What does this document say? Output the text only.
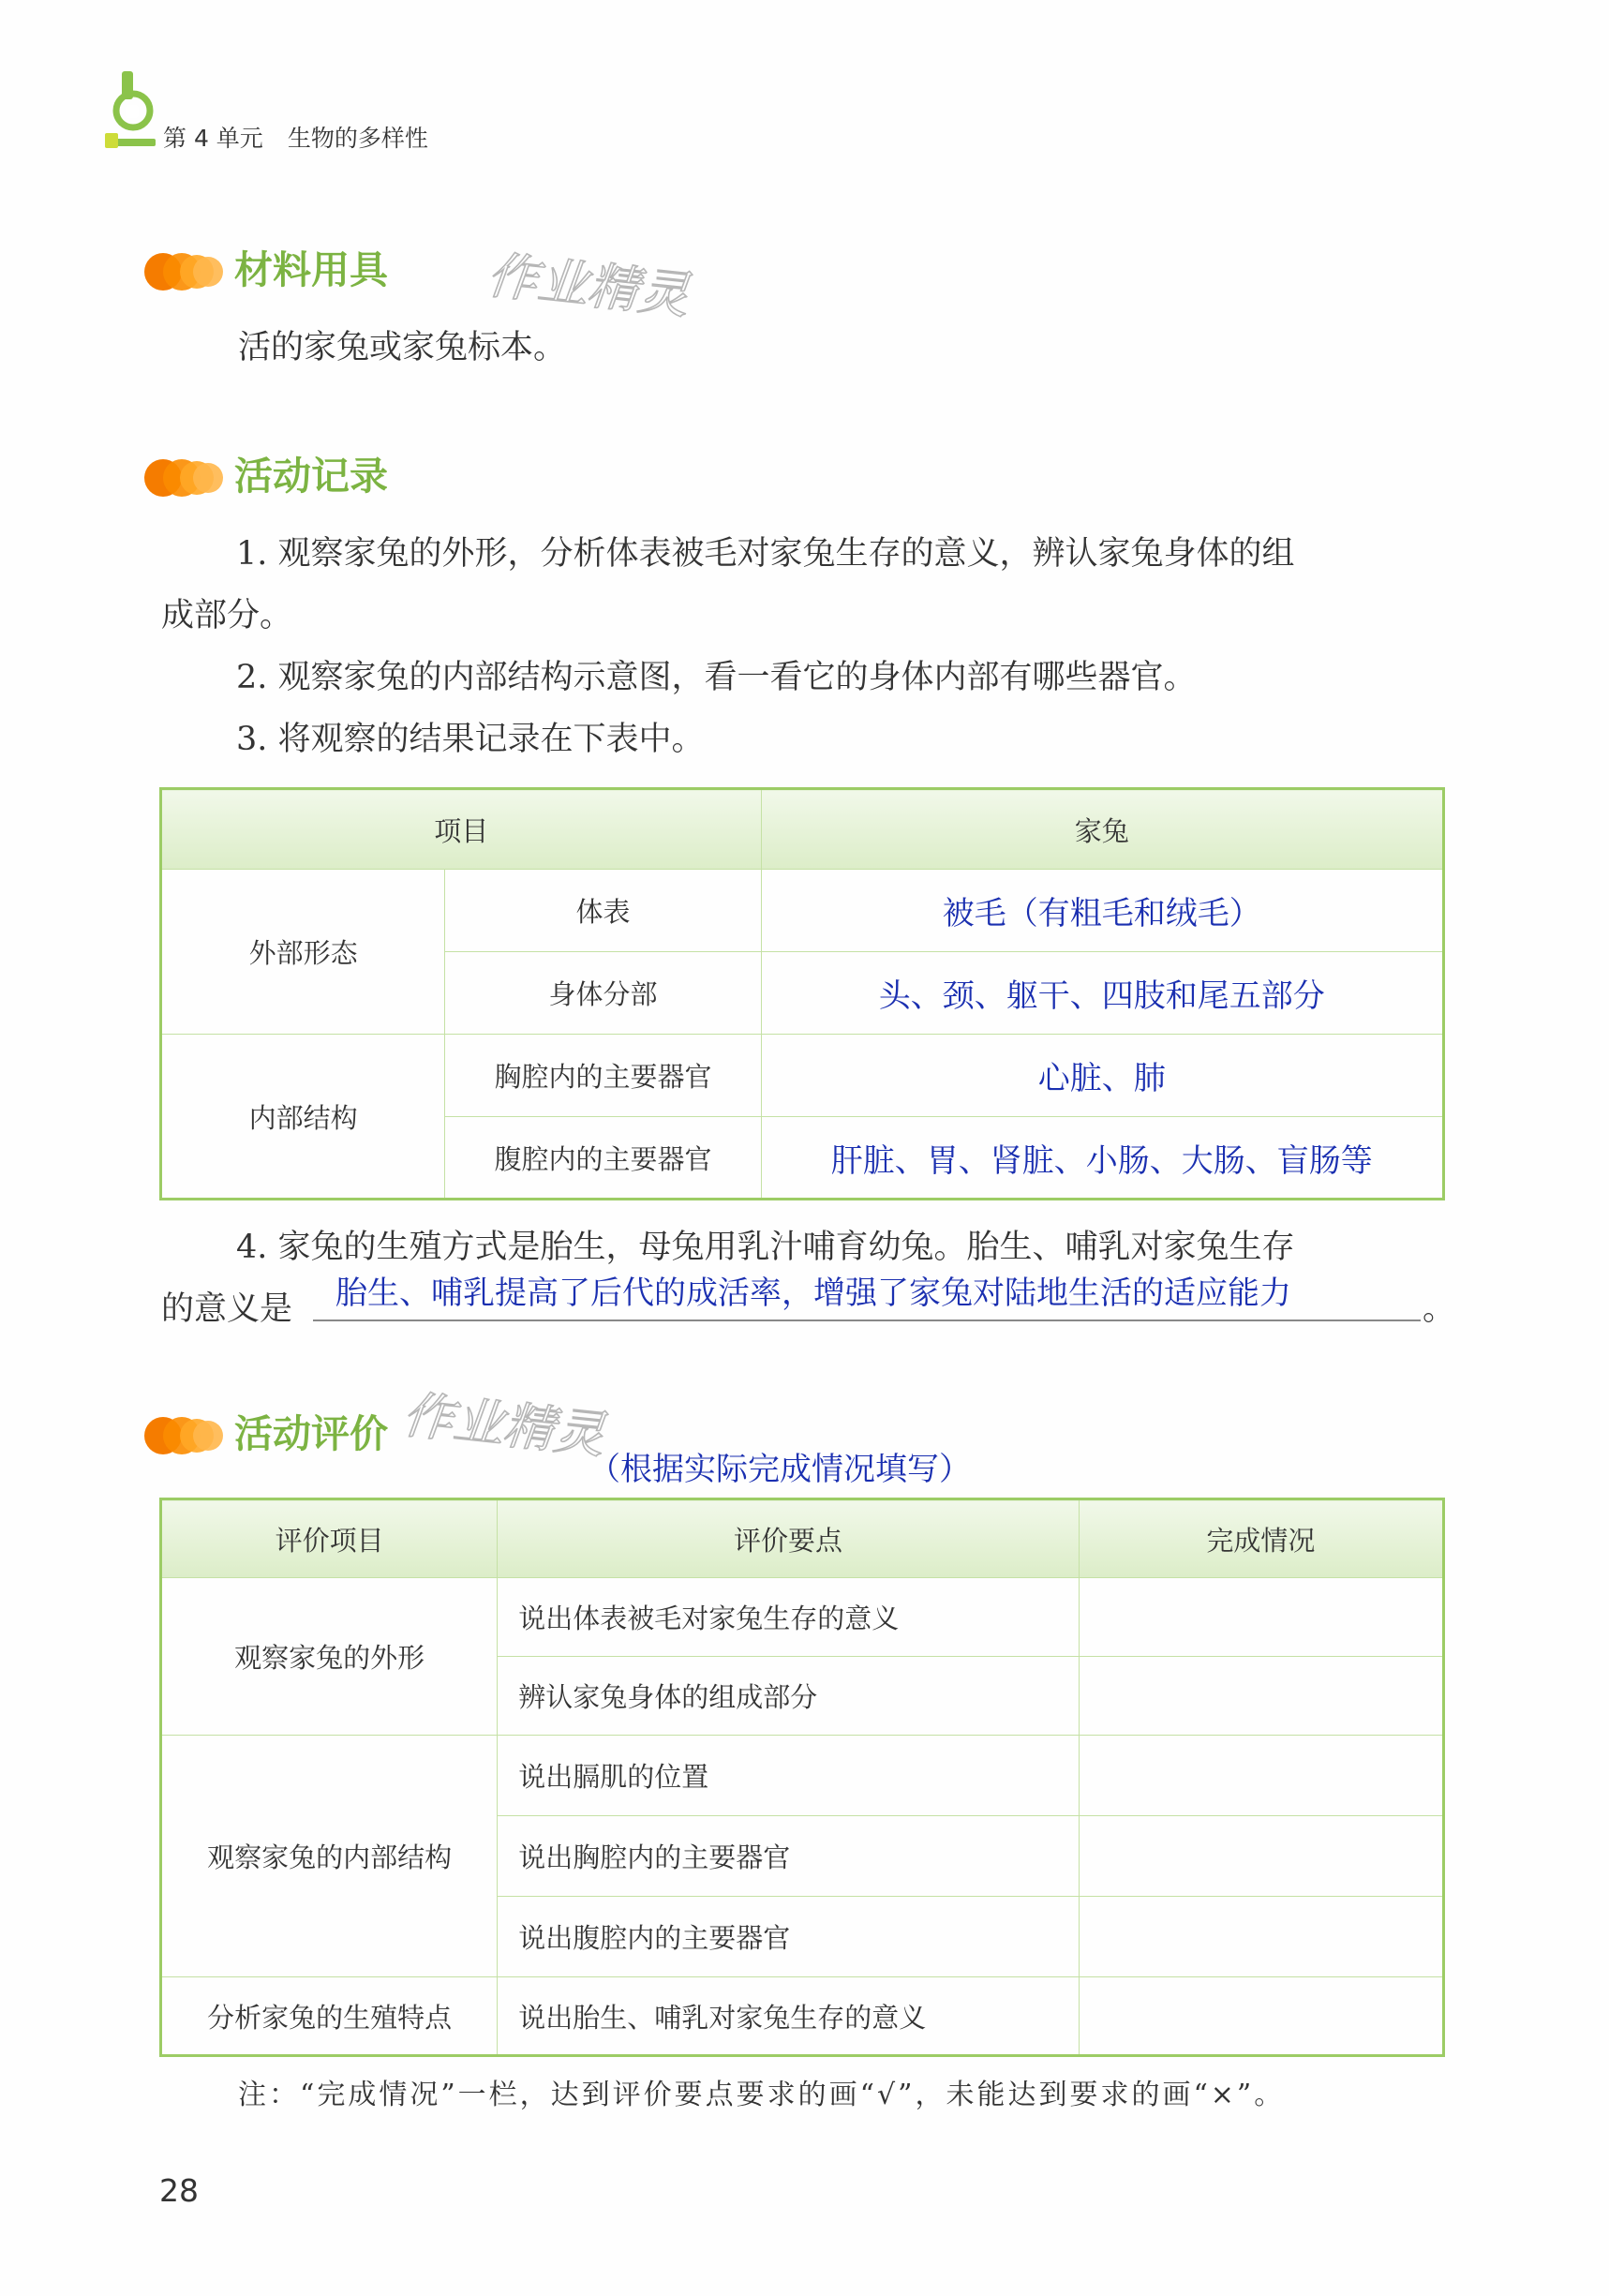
第 4 单元 生物的多样性
材料用具 作业精灵
活的家兔或家兔标本。
活动记录
1. 观察家兔的外形，分析体表被毛对家兔生存的意义，辨认家兔身体的组
成部分。
2. 观察家兔的内部结构示意图，看一看它的身体内部有哪些器官。
3. 将观察的结果记录在下表中。
项目		家兔
外部形态	体表	被毛（有粗毛和绒毛）
	身体分部	头、颈、躯干、四肢和尾五部分
内部结构	胸腔内的主要器官	心脏、肺
	腹腔内的主要器官	肝脏、胃、肾脏、小肠、大肠、盲肠等
4. 家兔的生殖方式是胎生，母兔用乳汁哺育幼兔。胎生、哺乳对家兔生存
的意义是 胎生、哺乳提高了后代的成活率，增强了家兔对陆地生活的适应能力	。
活动评价 作业精灵
（根据实际完成情况填写）
评价项目	评价要点	完成情况
观察家兔的外形	说出体表被毛对家兔生存的意义	
	辨认家兔身体的组成部分	
观察家兔的内部结构	说出膈肌的位置	
	说出胸腔内的主要器官	
	说出腹腔内的主要器官	
分析家兔的生殖特点	说出胎生、哺乳对家兔生存的意义	
注：“完成情况”一栏，达到评价要点要求的画“√”，未能达到要求的画“×”。
28
